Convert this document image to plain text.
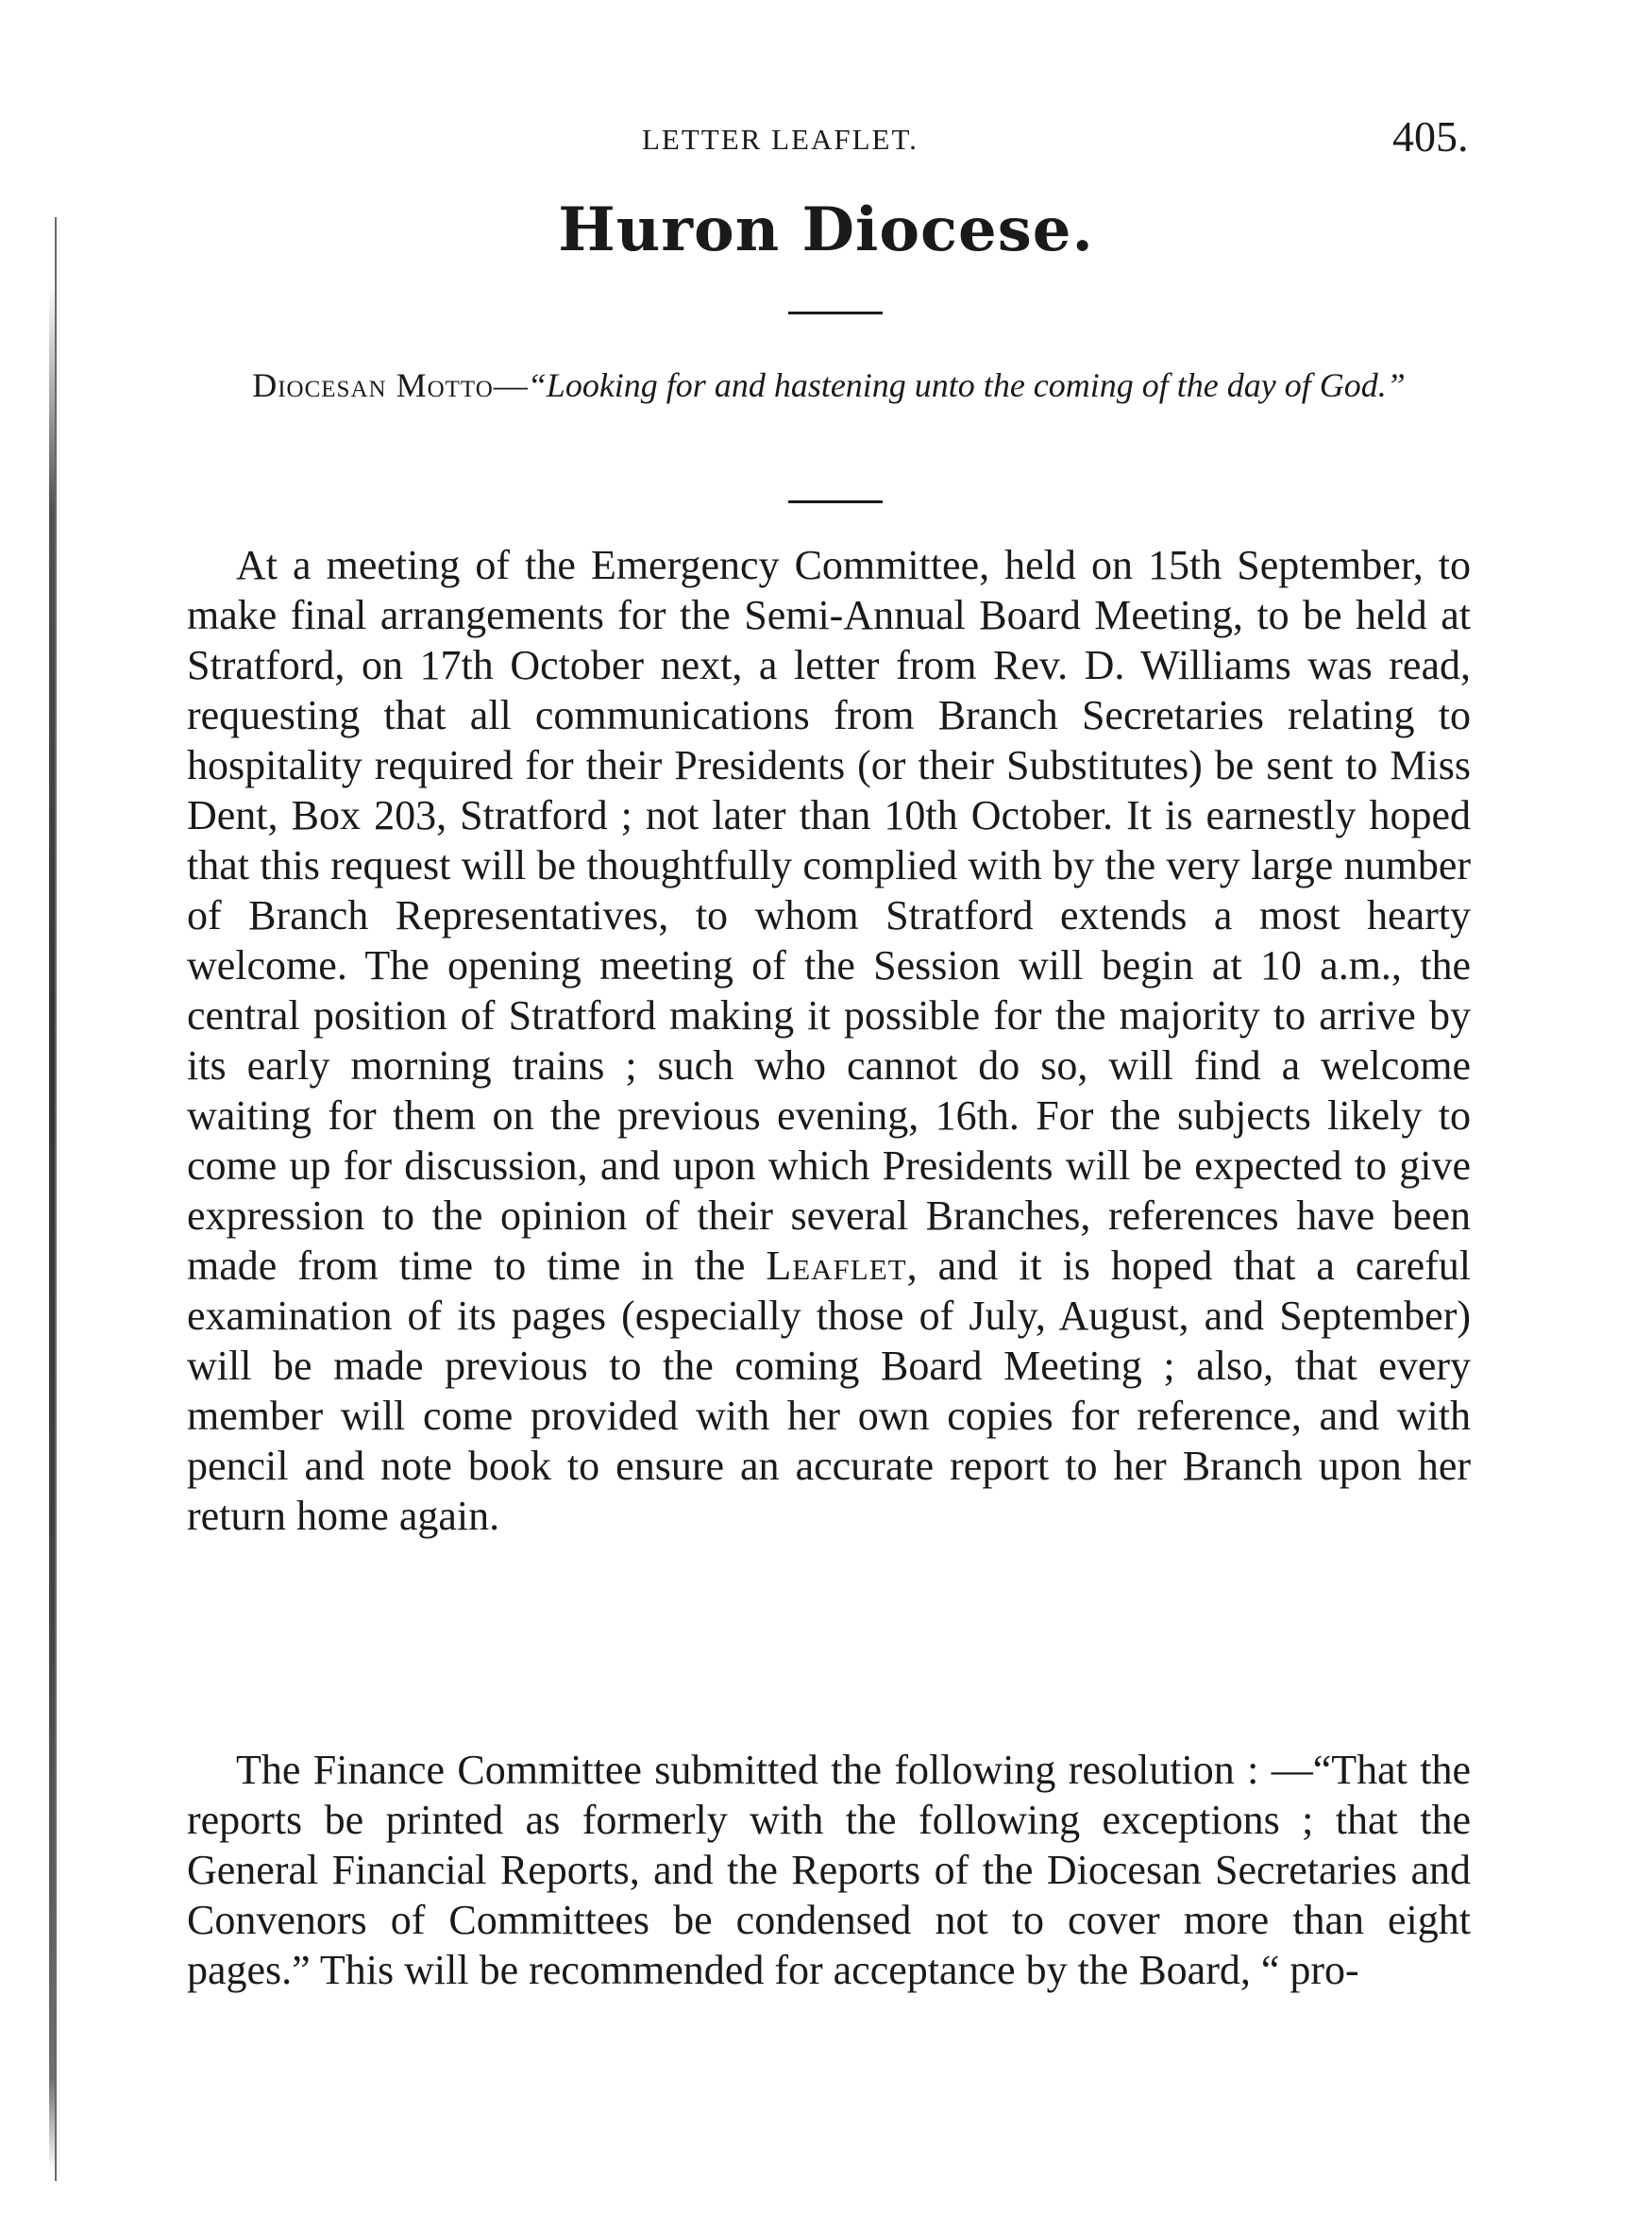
LETTER LEAFLET.	405.
Huron Diocese.
Diocesan Motto—“Looking for and hastening unto the coming of the day of God.”
At a meeting of the Emergency Committee, held on 15th September, to make final arrangements for the Semi-Annual Board Meeting, to be held at Stratford, on 17th October next, a letter from Rev. D. Williams was read, requesting that all communications from Branch Secretaries relating to hospitality required for their Presidents (or their Substitutes) be sent to Miss Dent, Box 203, Stratford ; not later than 10th October. It is earnestly hoped that this request will be thoughtfully complied with by the very large number of Branch Representatives, to whom Stratford extends a most hearty welcome. The opening meeting of the Session will begin at 10 a.m., the central position of Stratford making it possible for the majority to arrive by its early morning trains ; such who cannot do so, will find a welcome waiting for them on the previous evening, 16th. For the subjects likely to come up for discussion, and upon which Presidents will be expected to give expression to the opinion of their several Branches, references have been made from time to time in the Leaflet, and it is hoped that a careful examination of its pages (especially those of July, August, and September) will be made previous to the coming Board Meeting ; also, that every member will come provided with her own copies for reference, and with pencil and note book to ensure an accurate report to her Branch upon her return home again.
The Finance Committee submitted the following resolution : —“That the reports be printed as formerly with the following exceptions ; that the General Financial Reports, and the Reports of the Diocesan Secretaries and Convenors of Committees be condensed not to cover more than eight pages.” This will be recommended for acceptance by the Board, “ pro-
